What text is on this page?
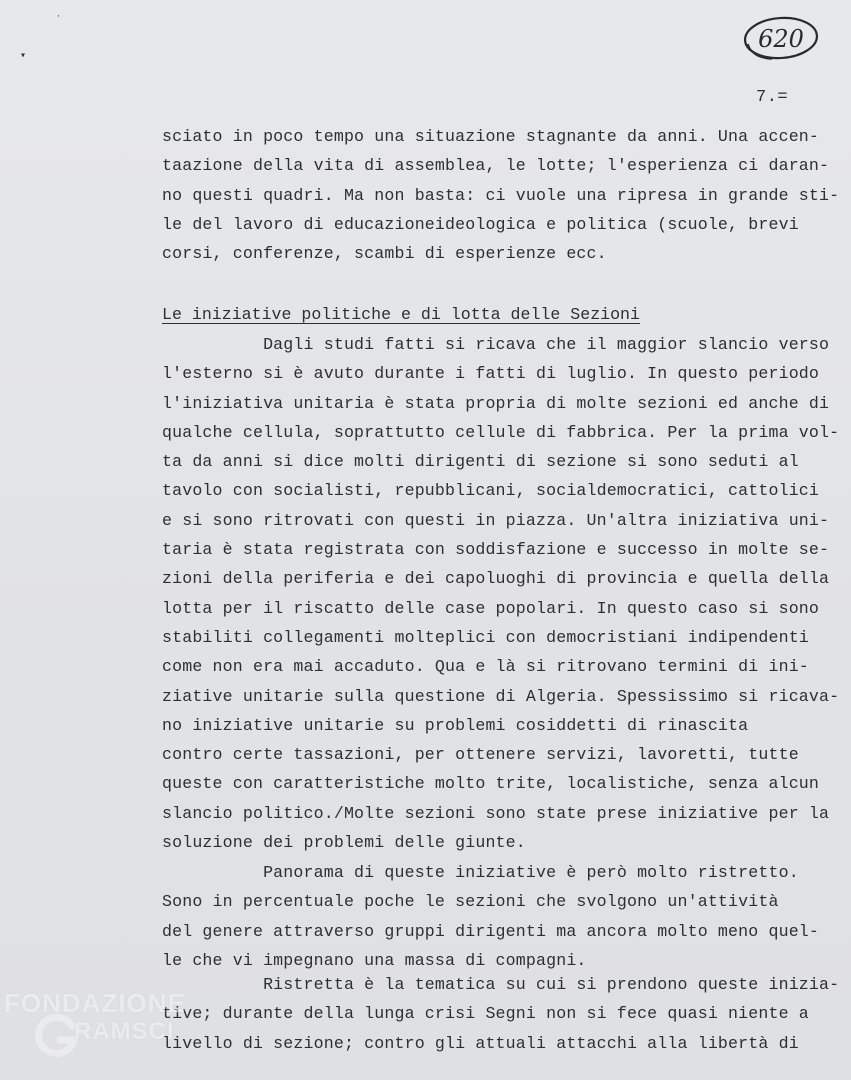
620
·
▾
7.=
sciato in poco tempo una situazione stagnante da anni. Una accen-
taazione della vita di assemblea, le lotte; l'esperienza ci daran-
no questi quadri. Ma non basta: ci vuole una ripresa in grande sti-
le del lavoro di educazioneideologica e politica (scuole, brevi
corsi, conferenze, scambi di esperienze ecc.
Le iniziative politiche e di lotta delle Sezioni
Dagli studi fatti si ricava che il maggior slancio verso
l'esterno si è avuto durante i fatti di luglio. In questo periodo
l'iniziativa unitaria è stata propria di molte sezioni ed anche di
qualche cellula, soprattutto cellule di fabbrica. Per la prima vol-
ta da anni si dice molti dirigenti di sezione si sono seduti al
tavolo con socialisti, repubblicani, socialdemocratici, cattolici
e si sono ritrovati con questi in piazza. Un'altra iniziativa uni-
taria è stata registrata con soddisfazione e successo in molte se-
zioni della periferia e dei capoluoghi di provincia e quella della
lotta per il riscatto delle case popolari. In questo caso si sono
stabiliti collegamenti molteplici con democristiani indipendenti
come non era mai accaduto. Qua e là si ritrovano termini di ini-
ziative unitarie sulla questione di Algeria. Spessissimo si ricava-
no iniziative unitarie su problemi cosiddetti di rinascita
contro certe tassazioni, per ottenere servizi, lavoretti, tutte
queste con caratteristiche molto trite, localistiche, senza alcun
slancio politico./Molte sezioni sono state prese iniziative per la
soluzione dei problemi delle giunte.
Panorama di queste iniziative è però molto ristretto.
Sono in percentuale poche le sezioni che svolgono un'attività
del genere attraverso gruppi dirigenti ma ancora molto meno quel-
le che vi impegnano una massa di compagni.
Ristretta è la tematica su cui si prendono queste inizia-
tive; durante della lunga crisi Segni non si fece quasi niente a
livello di sezione; contro gli attuali attacchi alla libertà di
FONDAZIONE
RAMSCI
